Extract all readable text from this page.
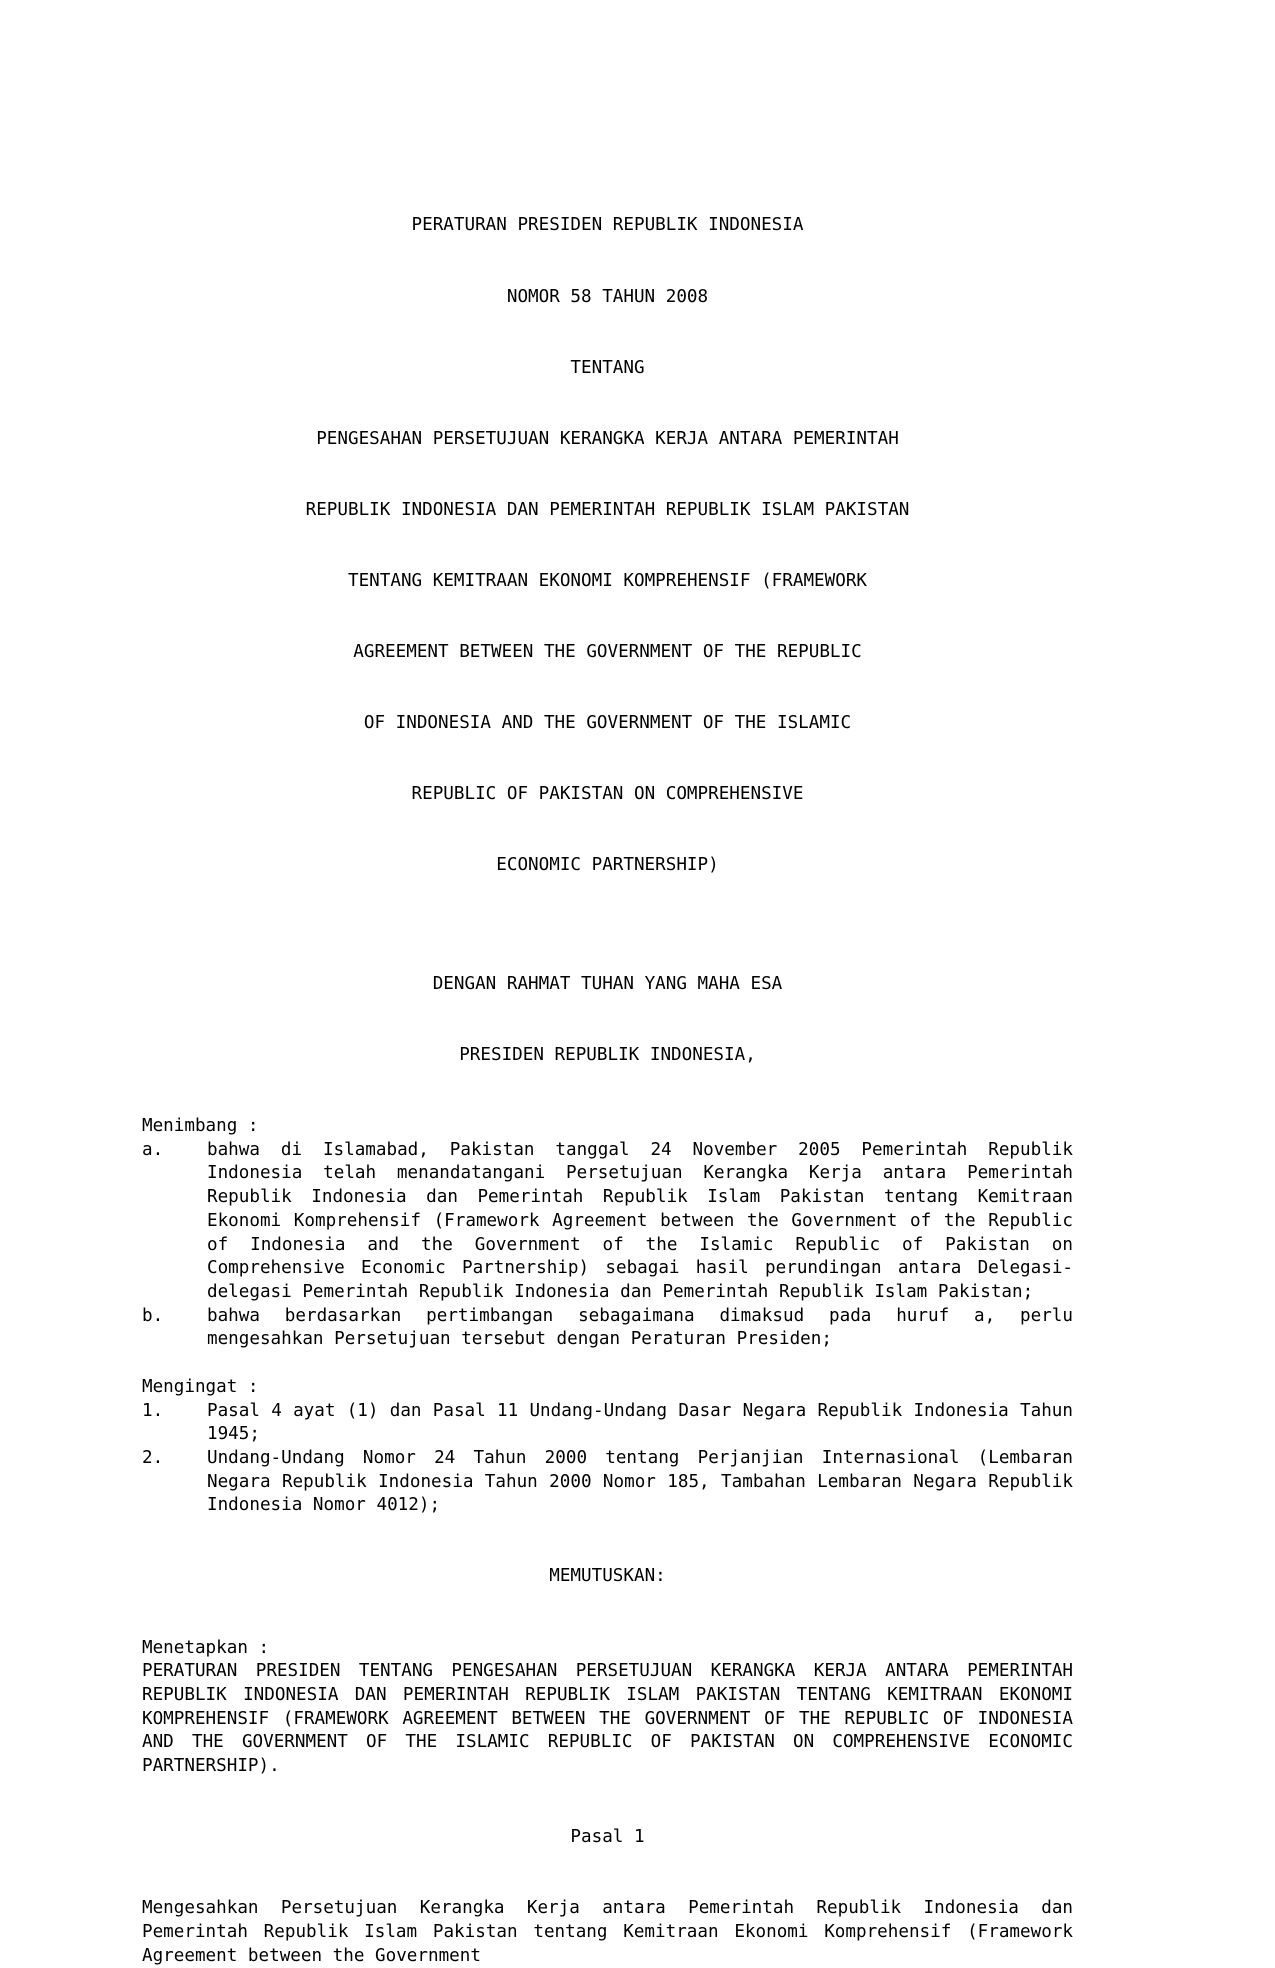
PERATURAN PRESIDEN REPUBLIK INDONESIA

NOMOR 58 TAHUN 2008

TENTANG

PENGESAHAN PERSETUJUAN KERANGKA KERJA ANTARA PEMERINTAH

REPUBLIK INDONESIA DAN PEMERINTAH REPUBLIK ISLAM PAKISTAN

TENTANG KEMITRAAN EKONOMI KOMPREHENSIF (FRAMEWORK

AGREEMENT BETWEEN THE GOVERNMENT OF THE REPUBLIC

OF INDONESIA AND THE GOVERNMENT OF THE ISLAMIC

REPUBLIC OF PAKISTAN ON COMPREHENSIVE

ECONOMIC PARTNERSHIP)

DENGAN RAHMAT TUHAN YANG MAHA ESA
PRESIDEN REPUBLIK INDONESIA,
Menimbang :
a.	bahwa di Islamabad, Pakistan tanggal 24 November 2005 Pemerintah Republik Indonesia telah menandatangani Persetujuan Kerangka Kerja antara Pemerintah Republik Indonesia dan Pemerintah Republik Islam Pakistan tentang Kemitraan Ekonomi Komprehensif (Framework Agreement between the Government of the Republic of Indonesia and the Government of the Islamic Republic of Pakistan on Comprehensive Economic Partnership) sebagai hasil perundingan antara Delegasi-delegasi Pemerintah Republik Indonesia dan Pemerintah Republik Islam Pakistan;
b.	bahwa berdasarkan pertimbangan sebagaimana dimaksud pada huruf a, perlu mengesahkan Persetujuan tersebut dengan Peraturan Presiden;
Mengingat :
1.	Pasal 4 ayat (1) dan Pasal 11 Undang-Undang Dasar Negara Republik Indonesia Tahun 1945;
2.	Undang-Undang Nomor 24 Tahun 2000 tentang Perjanjian Internasional (Lembaran Negara Republik Indonesia Tahun 2000 Nomor 185, Tambahan Lembaran Negara Republik Indonesia Nomor 4012);
MEMUTUSKAN:
Menetapkan :
PERATURAN PRESIDEN TENTANG PENGESAHAN PERSETUJUAN KERANGKA KERJA ANTARA PEMERINTAH REPUBLIK INDONESIA DAN PEMERINTAH REPUBLIK ISLAM PAKISTAN TENTANG KEMITRAAN EKONOMI KOMPREHENSIF (FRAMEWORK AGREEMENT BETWEEN THE GOVERNMENT OF THE REPUBLIC OF INDONESIA AND THE GOVERNMENT OF THE ISLAMIC REPUBLIC OF PAKISTAN ON COMPREHENSIVE ECONOMIC PARTNERSHIP).
Pasal 1
Mengesahkan Persetujuan Kerangka Kerja antara Pemerintah Republik Indonesia dan Pemerintah Republik Islam Pakistan tentang Kemitraan Ekonomi Komprehensif (Framework Agreement between the Government
